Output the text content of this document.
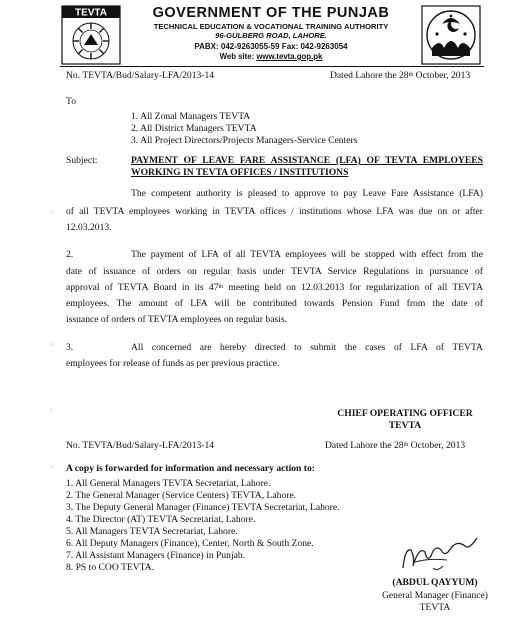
TEVTA	GOVERNMENT OF THE PUNJAB
TECHNICAL EDUCATION & VOCATIONAL TRAINING AUTHORITY
96-GULBERG ROAD, LAHORE.
PABX: 042-9263055-59 Fax: 042-9263054
Web site: www.tevta.gop.pk
No. TEVTA/Bud/Salary-LFA/2013-14	Dated Lahore the 28th October, 2013
To
1. All Zonal Managers TEVTA
2. All District Managers TEVTA
3. All Project Directors/Projects Managers-Service Centers
Subject:	PAYMENT OF LEAVE FARE ASSISTANCE (LFA) OF TEVTA EMPLOYEES
WORKING IN TEVTA OFFICES / INSTITUTIONS
The competent authority is pleased to approve to pay Leave Fare Assistance (LFA)
of all TEVTA employees working in TEVTA offices / institutions whose LFA was due on or after
12.03.2013.
2.	The payment of LFA of all TEVTA employees will be stopped with effect from the
date of issuance of orders on regular basis under TEVTA Service Regulations in pursuance of
approval of TEVTA Board in its 47th meeting held on 12.03.2013 for regularization of all TEVTA
employees. The amount of LFA will be contributed towards Pension Fund from the date of
issuance of orders of TEVTA employees on regular basis.
3.	All concerned are hereby directed to submit the cases of LFA of TEVTA
employees for release of funds as per previous practice.
CHIEF OPERATING OFFICER
TEVTA
No. TEVTA/Bud/Salary-LFA/2013-14	Dated Lahore the 28th October, 2013
A copy is forwarded for information and necessary action to:
1. All General Managers TEVTA Secretariat, Lahore.
2. The General Manager (Service Centers) TEVTA, Lahore.
3. The Deputy General Manager (Finance) TEVTA Secretariat, Lahore.
4. The Director (AT) TEVTA Secretariat, Lahore.
5. All Managers TEVTA Secretariat, Lahore.
6. All Deputy Managers (Finance), Center, North & South Zone.
7. All Assistant Managers (Finance) in Punjab.
8. PS to COO TEVTA.
(ABDUL QAYYUM)
General Manager (Finance)
TEVTA
◦
◦
◦
◦
